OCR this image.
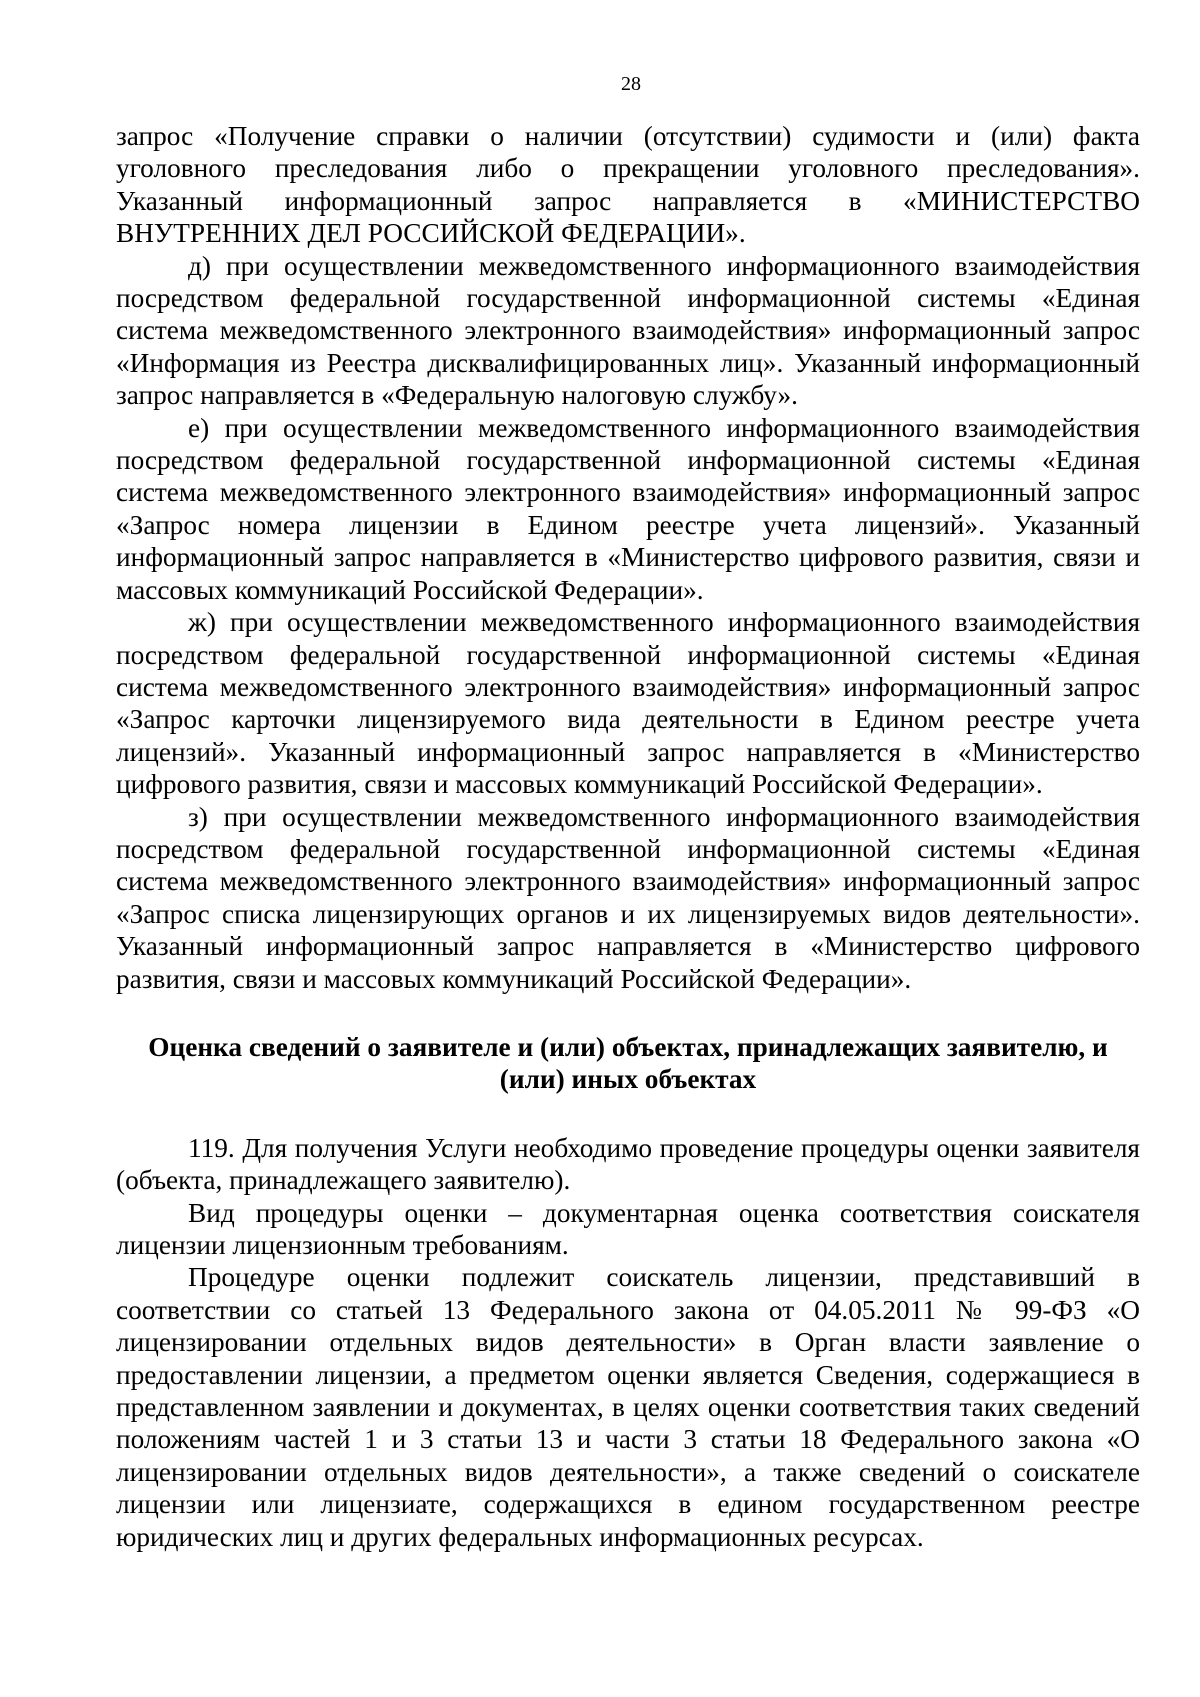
28

запрос «Получение справки о наличии (отсутствии) судимости и (или) факта уголовного преследования либо о прекращении уголовного преследования». Указанный информационный запрос направляется в «МИНИСТЕРСТВО ВНУТРЕННИХ ДЕЛ РОССИЙСКОЙ ФЕДЕРАЦИИ».

д) при осуществлении межведомственного информационного взаимодействия посредством федеральной государственной информационной системы «Единая система межведомственного электронного взаимодействия» информационный запрос «Информация из Реестра дисквалифицированных лиц». Указанный информационный запрос направляется в «Федеральную налоговую службу».

е) при осуществлении межведомственного информационного взаимодействия посредством федеральной государственной информационной системы «Единая система межведомственного электронного взаимодействия» информационный запрос «Запрос номера лицензии в Едином реестре учета лицензий». Указанный информационный запрос направляется в «Министерство цифрового развития, связи и массовых коммуникаций Российской Федерации».

ж) при осуществлении межведомственного информационного взаимодействия посредством федеральной государственной информационной системы «Единая система межведомственного электронного взаимодействия» информационный запрос «Запрос карточки лицензируемого вида деятельности в Едином реестре учета лицензий». Указанный информационный запрос направляется в «Министерство цифрового развития, связи и массовых коммуникаций Российской Федерации».

з) при осуществлении межведомственного информационного взаимодействия посредством федеральной государственной информационной системы «Единая система межведомственного электронного взаимодействия» информационный запрос «Запрос списка лицензирующих органов и их лицензируемых видов деятельности». Указанный информационный запрос направляется в «Министерство цифрового развития, связи и массовых коммуникаций Российской Федерации».

Оценка сведений о заявителе и (или) объектах, принадлежащих заявителю, и (или) иных объектах

119. Для получения Услуги необходимо проведение процедуры оценки заявителя (объекта, принадлежащего заявителю).

Вид процедуры оценки – документарная оценка соответствия соискателя лицензии лицензионным требованиям.

Процедуре оценки подлежит соискатель лицензии, представивший в соответствии со статьей 13 Федерального закона от 04.05.2011 № 99-ФЗ «О лицензировании отдельных видов деятельности» в Орган власти заявление о предоставлении лицензии, а предметом оценки является Сведения, содержащиеся в представленном заявлении и документах, в целях оценки соответствия таких сведений положениям частей 1 и 3 статьи 13 и части 3 статьи 18 Федерального закона «О лицензировании отдельных видов деятельности», а также сведений о соискателе лицензии или лицензиате, содержащихся в едином государственном реестре юридических лиц и других федеральных информационных ресурсах.
